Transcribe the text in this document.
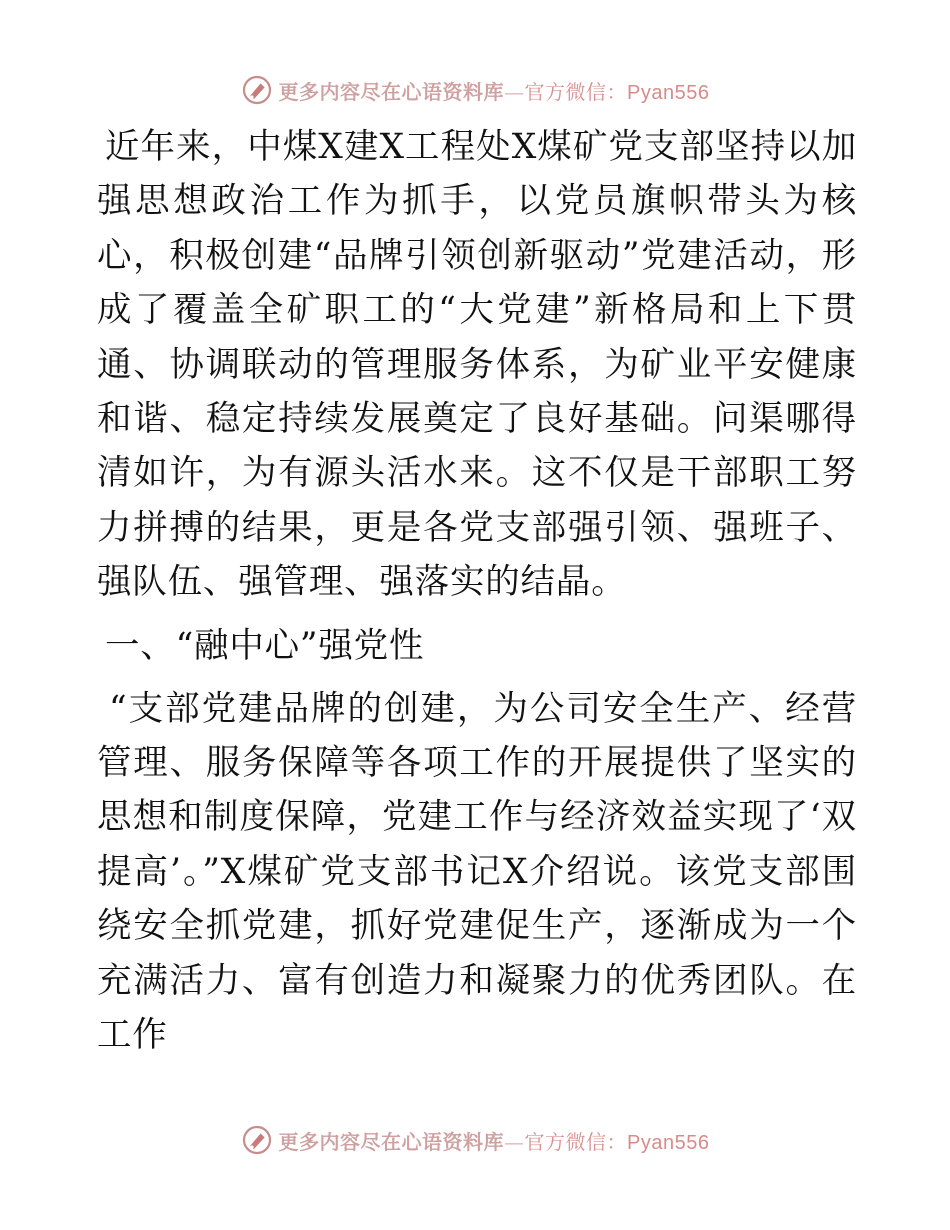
更多内容尽在心语资料库—官方微信：Pyan556

近年来，中煤X建X工程处X煤矿党支部坚持以加强思想政治工作为抓手，以党员旗帜带头为核心，积极创建“品牌引领创新驱动”党建活动，形成了覆盖全矿职工的“大党建”新格局和上下贯通、协调联动的管理服务体系，为矿业平安健康和谐、稳定持续发展奠定了良好基础。问渠哪得清如许，为有源头活水来。这不仅是干部职工努力拼搏的结果，更是各党支部强引领、强班子、强队伍、强管理、强落实的结晶。

一、“融中心”强党性

“支部党建品牌的创建，为公司安全生产、经营管理、服务保障等各项工作的开展提供了坚实的思想和制度保障，党建工作与经济效益实现了‘双提高’。”X煤矿党支部书记X介绍说。该党支部围绕安全抓党建，抓好党建促生产，逐渐成为一个充满活力、富有创造力和凝聚力的优秀团队。在工作

更多内容尽在心语资料库—官方微信：Pyan556
